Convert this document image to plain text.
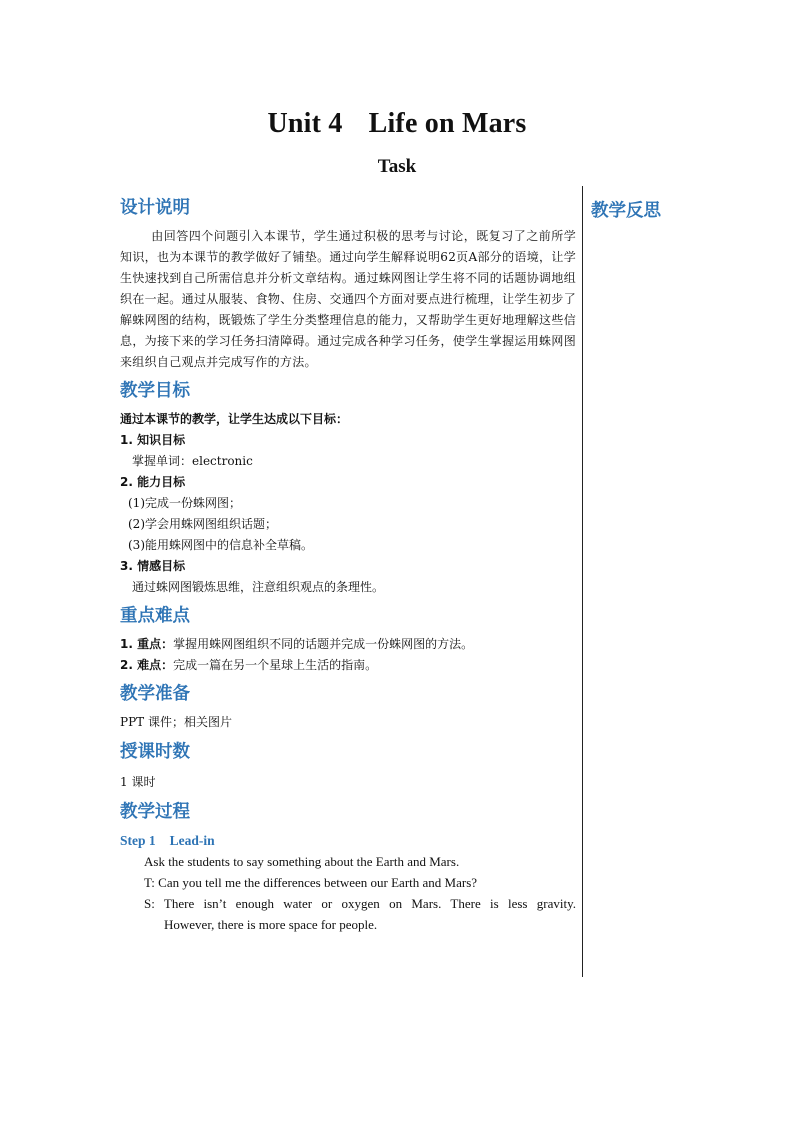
Unit 4 Life on Mars
Task
教学反思

设计说明

由回答四个问题引入本课节，学生通过积极的思考与讨论，既复习了之前所学知识，也为本课节的教学做好了铺垫。通过向学生解释说明62页A部分的语境，让学生快速找到自己所需信息并分析文章结构。通过蛛网图让学生将不同的话题协调地组织在一起。通过从服装、食物、住房、交通四个方面对要点进行梳理，让学生初步了解蛛网图的结构，既锻炼了学生分类整理信息的能力，又帮助学生更好地理解这些信息，为接下来的学习任务扫清障碍。通过完成各种学习任务，使学生掌握运用蛛网图来组织自己观点并完成写作的方法。

教学目标

通过本课节的教学，让学生达成以下目标：

1. 知识目标

掌握单词：electronic

2. 能力目标

(1)完成一份蛛网图；

(2)学会用蛛网图组织话题；

(3)能用蛛网图中的信息补全草稿。

3. 情感目标

通过蛛网图锻炼思维，注意组织观点的条理性。

重点难点

1. 重点：掌握用蛛网图组织不同的话题并完成一份蛛网图的方法。

2. 难点：完成一篇在另一个星球上生活的指南。

教学准备

PPT 课件；相关图片

授课时数

1 课时

教学过程

Step 1 Lead-in

Ask the students to say something about the Earth and Mars.

T: Can you tell me the differences between our Earth and Mars?

S: There isn’t enough water or oxygen on Mars. There is less gravity.

However, there is more space for people.
